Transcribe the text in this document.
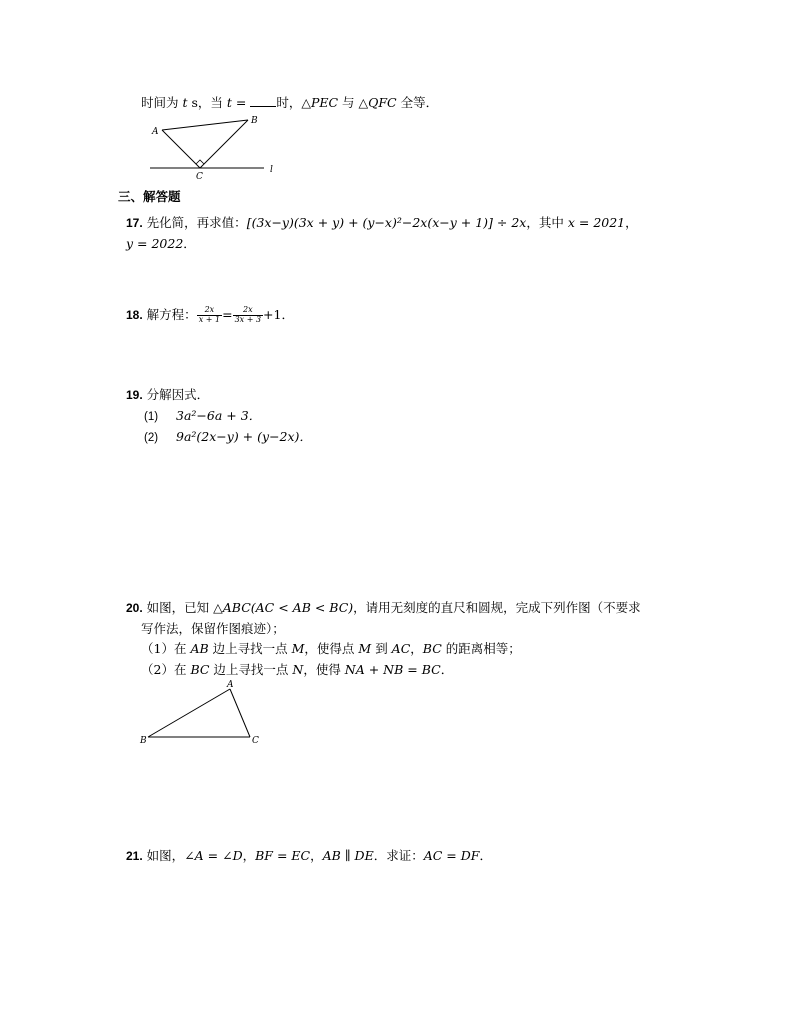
时间为 t s，当 t = 时，△PEC 与 △QFC 全等．
A
B
C
l
三、解答题
17. 先化简，再求值：[(3x−y)(3x + y) + (y−x)²−2x(x−y + 1)] ÷ 2x，其中 x = 2021，
y = 2022．
18. 解方程： $\frac{2x}{x + 1} = \frac{2x}{3x + 3} +1$．
19. 分解因式．
(1) 3a²−6a + 3．
(2) 9a²(2x−y) + (y−2x)．
20. 如图，已知 △ABC(AC < AB < BC)，请用无刻度的直尺和圆规，完成下列作图（不要求
写作法，保留作图痕迹）；
（1）在 AB 边上寻找一点 M，使得点 M 到 AC，BC 的距离相等；
（2）在 BC 边上寻找一点 N，使得 NA + NB = BC．
A
B	C
21. 如图，∠A = ∠D，BF = EC，AB ∥ DE．求证：AC = DF．
